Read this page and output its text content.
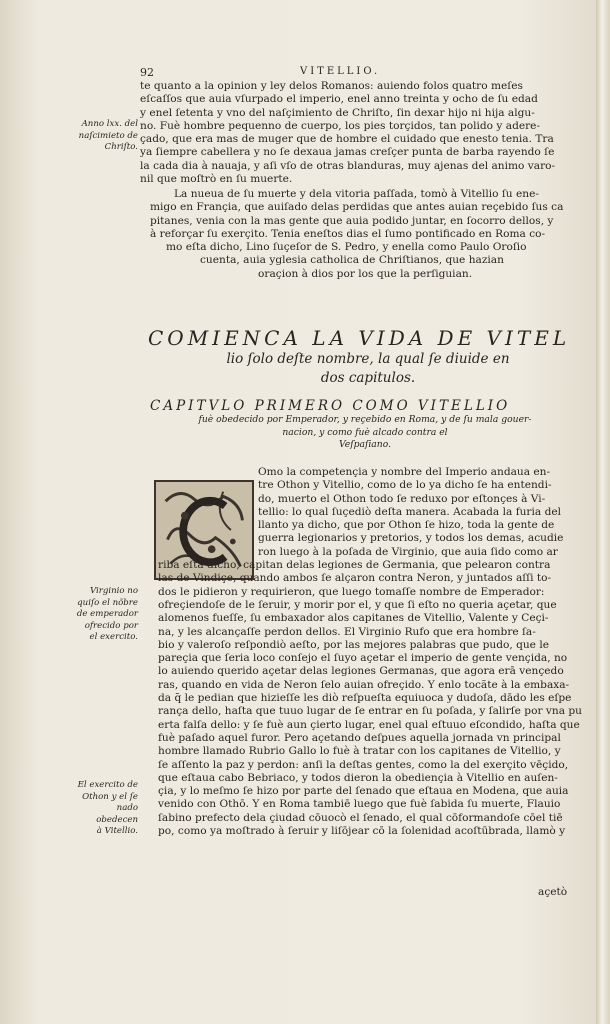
92	VITELLIO.
te quanto a la opinion y ley delos Romanos: auiendo folos quatro meſes
eſcaſſos que auia vſurpado el imperio, enel anno treinta y ocho de ſu edad
y enel ſetenta y vno del naſçimiento de Chriſto, ſin dexar hijo ni hija algu-
no. Fuè hombre pequenno de cuerpo, los pies torçidos, tan polido y adere-
çado, que era mas de muger que de hombre el cuidado que enesto tenia. Tra
ya ſiempre cabellera y no ſe dexaua jamas creſçer punta de barba rayendo ſe
la cada dia à nauaja, y aſi vſo de otras blanduras, muy ajenas del animo varo-
nil que moſtrò en ſu muerte.
Anno lxx. del
naſcimieto de
Chriſto.
La nueua de ſu muerte y dela vitoria paſſada, tomò à Vitellio ſu ene-
migo en Françia, que auiſado delas perdidas que antes auian reçebido ſus ca
pitanes, venia con la mas gente que auia podido juntar, en ſocorro dellos, y
à reforçar ſu exerçito. Tenia eneſtos dias el ſumo pontificado en Roma co-
mo eſta dicho, Lino ſuçeſor de S. Pedro, y enella como Paulo Oroſio
cuenta, auia yglesia catholica de Chriſtianos, que hazian
oraçion à dios por los que la perſiguian.
COMIENCA LA VIDA DE VITEL
lio ſolo deſte nombre, la qual ſe diuide en
dos capitulos.
CAPITVLO PRIMERO COMO VITELLIO
fuè obedecido por Emperador, y reçebido en Roma, y de ſu mala gouer-
nacion, y como fuè alcado contra el
Veſpaſiano.
Omo la competençia y nombre del Imperio andaua en-
tre Othon y Vitellio, como de lo ya dicho ſe ha entendi-
do, muerto el Othon todo ſe reduxo por eſtonçes à Vi-
tellio: lo qual ſuçediò deſta manera. Acabada la furia del
llanto ya dicho, que por Othon ſe hizo, toda la gente de
guerra legionarios y pretorios, y todos los demas, acudie
ron luego à la poſada de Virginio, que auia ſido como ar
riba eſta dicho, capitan delas legiones de Germania, que pelearon contra
las de Vindiçe, quando ambos ſe alçaron contra Neron, y juntados aſſi to-
dos le pidieron y requirieron, que luego tomaſſe nombre de Emperador:
ofreçiendoſe de le ſeruir, y morir por el, y que ſi eſto no queria açetar, que
alomenos fueſſe, ſu embaxador alos capitanes de Vitellio, Valente y Ceçi-
na, y les alcançaſſe perdon dellos. El Virginio Rufo que era hombre ſa-
bio y valeroſo reſpondiò aeſto, por las mejores palabras que pudo, que le
pareçia que ſeria loco conſejo el ſuyo açetar el imperio de gente vençida, no
lo auiendo querido açetar delas legiones Germanas, que agora erā vençedo
ras, quando en vida de Neron ſelo auian ofreçido. Y enlo tocãte à la embaxa-
da q̄ le pedian que hizieſſe les diò reſpueſta equiuoca y dudoſa, dādo les eſpe
rança dello, haſta que tuuo lugar de ſe entrar en ſu poſada, y ſalirſe por vna pu
erta falſa dello: y ſe fuè aun çierto lugar, enel qual eſtuuo eſcondido, haſta que
fuè paſado aquel furor. Pero açetando deſpues aquella jornada vn principal
hombre llamado Rubrio Gallo lo fuè à tratar con los capitanes de Vitellio, y
ſe aſſento la paz y perdon: anſi la deſtas gentes, como la del exerçito vēçido,
que eſtaua cabo Bebriaco, y todos dieron la obediençia à Vitellio en auſen-
çia, y lo meſmo ſe hizo por parte del ſenado que eſtaua en Modena, que auia
venido con Othō. Y en Roma tambiē luego que fuè ſabida ſu muerte, Flauio
ſabino prefecto dela çiudad cōuocò el ſenado, el qual cōformandoſe cōel tiē
po, como ya moſtrado à ſeruir y liſōjear cō la ſolenidad acoſtūbrada, llamò y
Virginio no
quiſo el nõbre
de emperador
ofrecido por
el exercito.
El exercito de
Othon y el ſe
nado obedecen
à Vitellio.
açetò
